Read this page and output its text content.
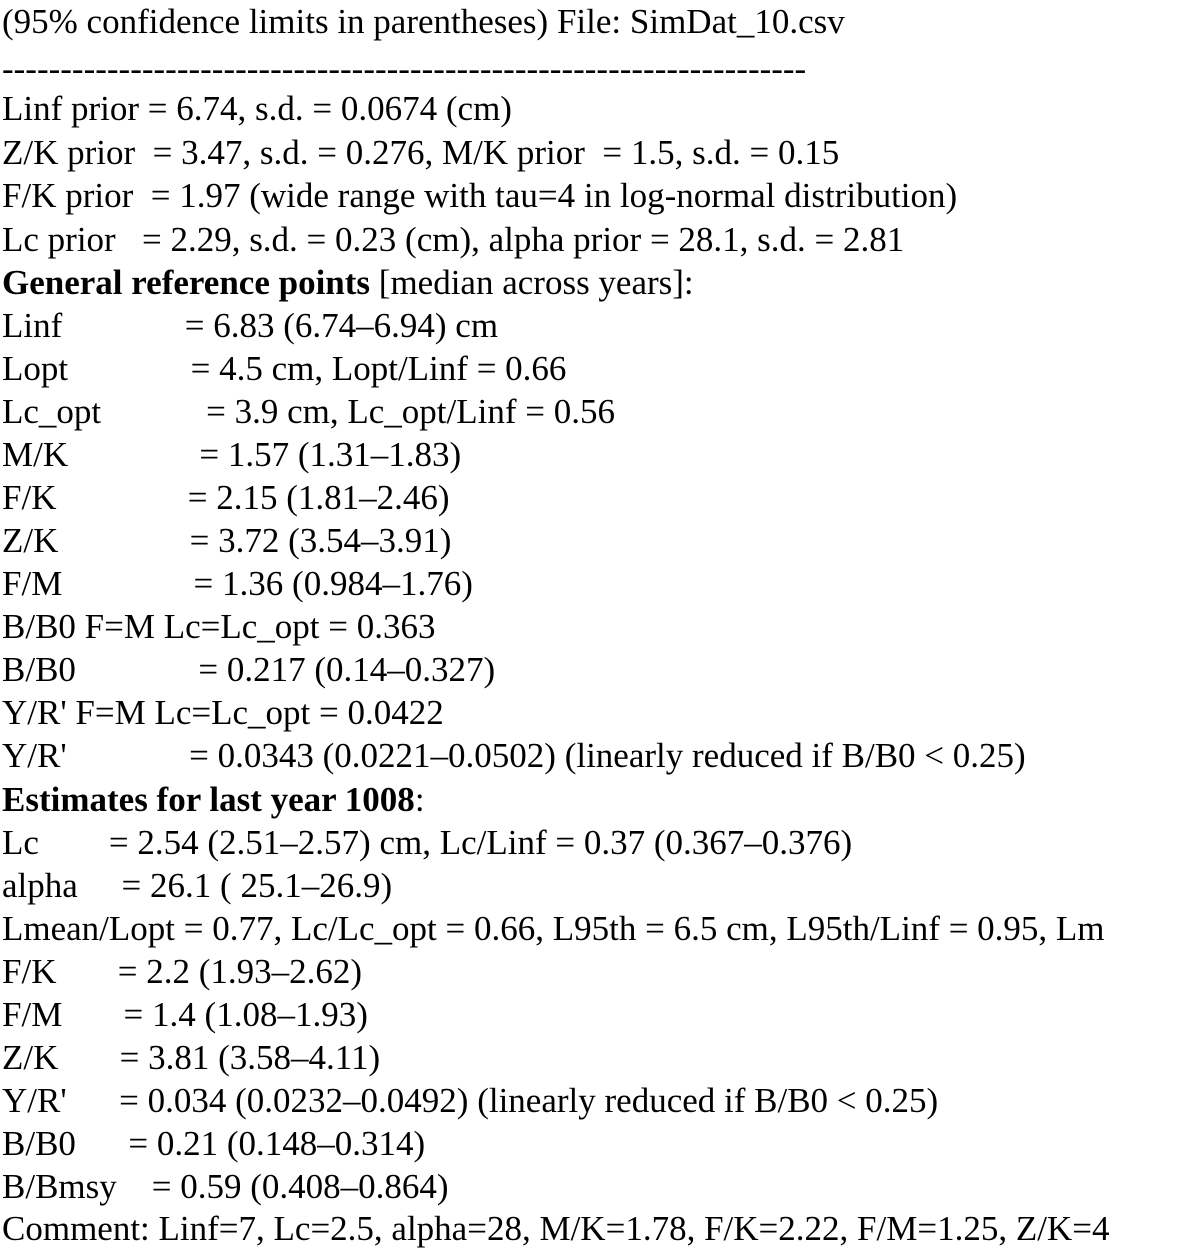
(95% confidence limits in parentheses) File: SimDat_10.csv
---------------------------------------------------------------------
Linf prior = 6.74, s.d. = 0.0674 (cm)
Z/K prior  = 3.47, s.d. = 0.276, M/K prior  = 1.5, s.d. = 0.15
F/K prior  = 1.97 (wide range with tau=4 in log-normal distribution)
Lc prior   = 2.29, s.d. = 0.23 (cm), alpha prior = 28.1, s.d. = 2.81
General reference points [median across years]:
Linf              = 6.83 (6.74–6.94) cm
Lopt              = 4.5 cm, Lopt/Linf = 0.66
Lc_opt            = 3.9 cm, Lc_opt/Linf = 0.56
M/K               = 1.57 (1.31–1.83)
F/K               = 2.15 (1.81–2.46)
Z/K               = 3.72 (3.54–3.91)
F/M               = 1.36 (0.984–1.76)
B/B0 F=M Lc=Lc_opt = 0.363
B/B0              = 0.217 (0.14–0.327)
Y/R' F=M Lc=Lc_opt = 0.0422
Y/R'              = 0.0343 (0.0221–0.0502) (linearly reduced if B/B0 < 0.25)
Estimates for last year 1008:
Lc        = 2.54 (2.51–2.57) cm, Lc/Linf = 0.37 (0.367–0.376)
alpha     = 26.1 ( 25.1–26.9)
Lmean/Lopt = 0.77, Lc/Lc_opt = 0.66, L95th = 6.5 cm, L95th/Linf = 0.95, Lm
F/K       = 2.2 (1.93–2.62)
F/M       = 1.4 (1.08–1.93)
Z/K       = 3.81 (3.58–4.11)
Y/R'      = 0.034 (0.0232–0.0492) (linearly reduced if B/B0 < 0.25)
B/B0      = 0.21 (0.148–0.314)
B/Bmsy    = 0.59 (0.408–0.864)
Comment: Linf=7, Lc=2.5, alpha=28, M/K=1.78, F/K=2.22, F/M=1.25, Z/K=4
